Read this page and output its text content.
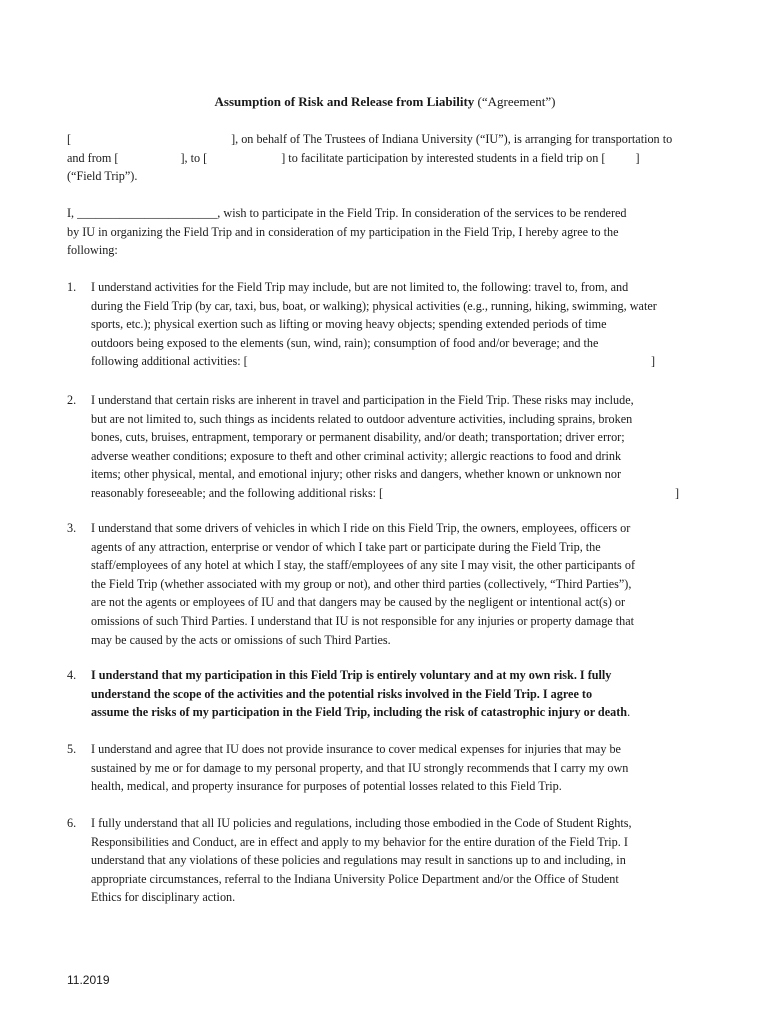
Assumption of Risk and Release from Liability (“Agreement”)
[	], on behalf of The Trustees of Indiana University (“IU”), is arranging for transportation to
and from [	], to [	] to facilitate participation by interested students in a field trip on [ ]
(“Field Trip”).
I, _______________________, wish to participate in the Field Trip. In consideration of the services to be rendered
by IU in organizing the Field Trip and in consideration of my participation in the Field Trip, I hereby agree to the
following:
1.	I understand activities for the Field Trip may include, but are not limited to, the following: travel to, from, and
during the Field Trip (by car, taxi, bus, boat, or walking); physical activities (e.g., running, hiking, swimming, water
sports, etc.); physical exertion such as lifting or moving heavy objects; spending extended periods of time
outdoors being exposed to the elements (sun, wind, rain); consumption of food and/or beverage; and the
following additional activities: [	]
2.	I understand that certain risks are inherent in travel and participation in the Field Trip. These risks may include,
but are not limited to, such things as incidents related to outdoor adventure activities, including sprains, broken
bones, cuts, bruises, entrapment, temporary or permanent disability, and/or death; transportation; driver error;
adverse weather conditions; exposure to theft and other criminal activity; allergic reactions to food and drink
items; other physical, mental, and emotional injury; other risks and dangers, whether known or unknown nor
reasonably foreseeable; and the following additional risks: [	]
3.	I understand that some drivers of vehicles in which I ride on this Field Trip, the owners, employees, officers or
agents of any attraction, enterprise or vendor of which I take part or participate during the Field Trip, the
staff/employees of any hotel at which I stay, the staff/employees of any site I may visit, the other participants of
the Field Trip (whether associated with my group or not), and other third parties (collectively, “Third Parties”),
are not the agents or employees of IU and that dangers may be caused by the negligent or intentional act(s) or
omissions of such Third Parties. I understand that IU is not responsible for any injuries or property damage that
may be caused by the acts or omissions of such Third Parties.
4.	I understand that my participation in this Field Trip is entirely voluntary and at my own risk. I fully
understand the scope of the activities and the potential risks involved in the Field Trip. I agree to
assume the risks of my participation in the Field Trip, including the risk of catastrophic injury or death.
5.	I understand and agree that IU does not provide insurance to cover medical expenses for injuries that may be
sustained by me or for damage to my personal property, and that IU strongly recommends that I carry my own
health, medical, and property insurance for purposes of potential losses related to this Field Trip.
6.	I fully understand that all IU policies and regulations, including those embodied in the Code of Student Rights,
Responsibilities and Conduct, are in effect and apply to my behavior for the entire duration of the Field Trip. I
understand that any violations of these policies and regulations may result in sanctions up to and including, in
appropriate circumstances, referral to the Indiana University Police Department and/or the Office of Student
Ethics for disciplinary action.
11.2019
